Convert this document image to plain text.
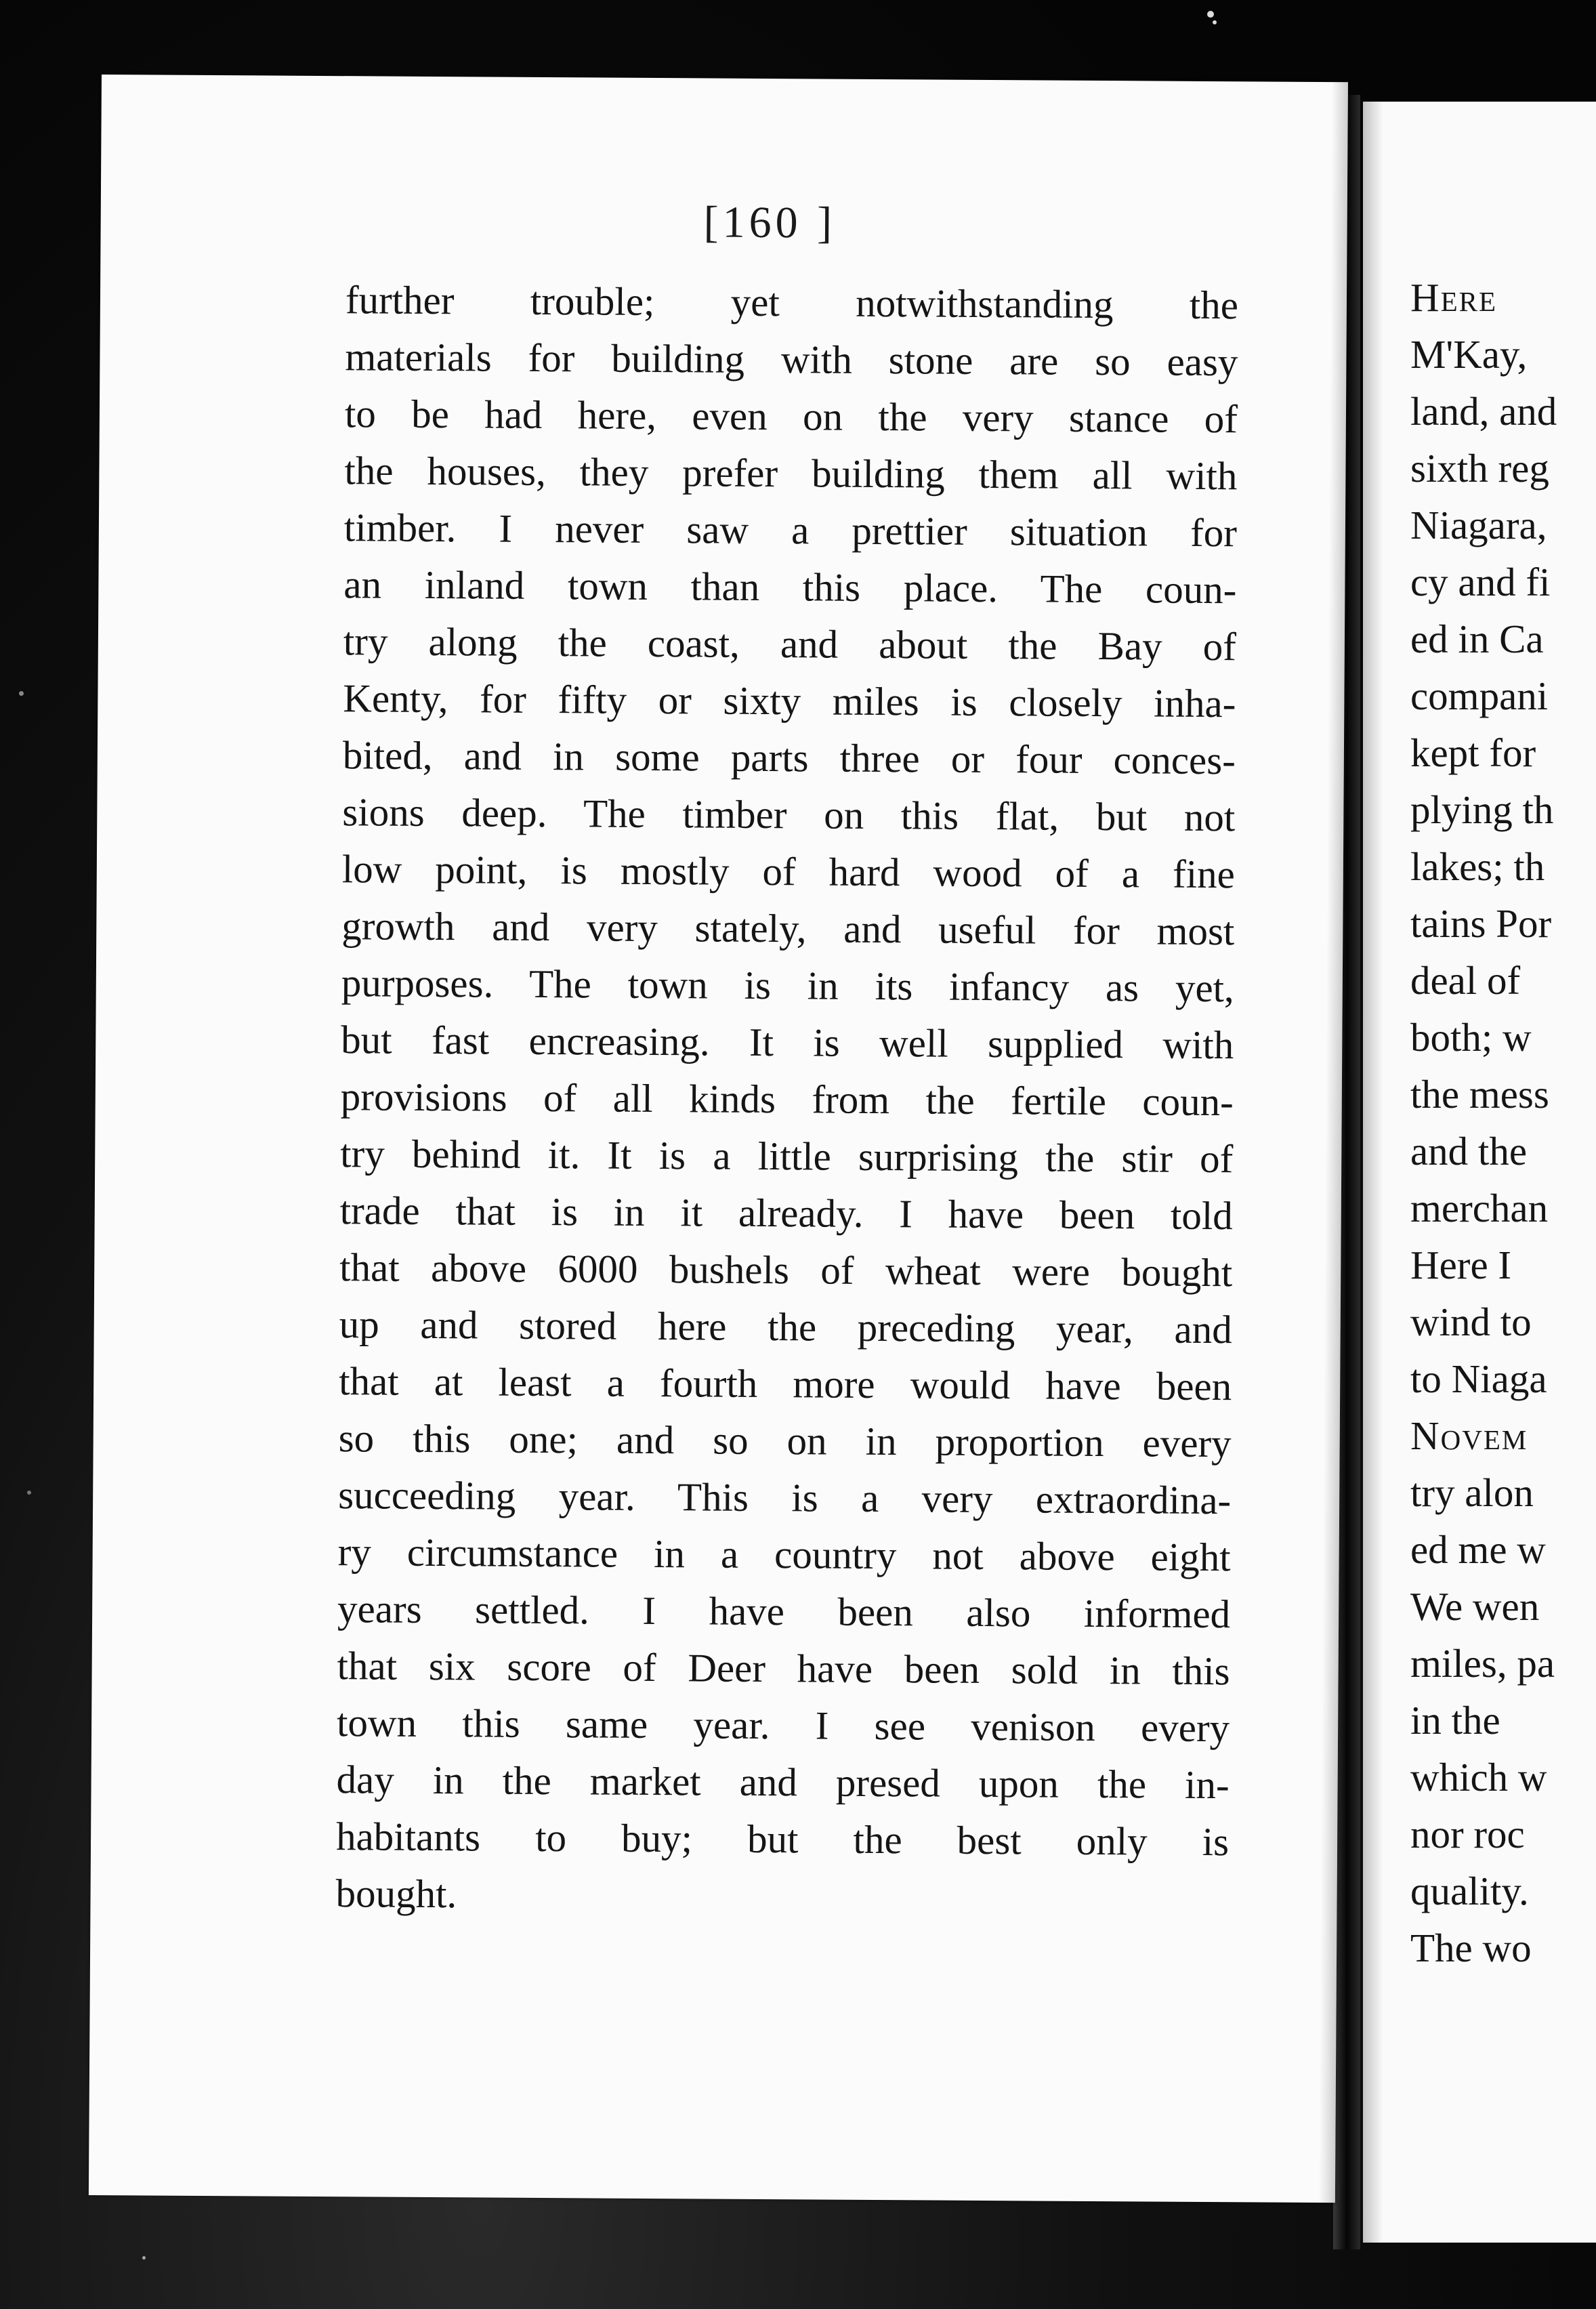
Here
M'Kay,
land, and
sixth reg
Niagara,
cy and fi
ed in Ca
compani
kept for
plying th
lakes; th
tains Por
deal of
both; w
the mess
and the
merchan
Here I
wind to
to Niaga
Novem
try alon
ed me w
We wen
miles, pa
in the
which w
nor roc
quality.
The wo
[160 ]
further trouble; yet notwithstanding the
materials for building with stone are so easy
to be had here, even on the very stance of
the houses, they prefer building them all with
timber. I never saw a prettier situation for
an inland town than this place. The coun-
try along the coast, and about the Bay of
Kenty, for fifty or sixty miles is closely inha-
bited, and in some parts three or four conces-
sions deep. The timber on this flat, but not
low point, is mostly of hard wood of a fine
growth and very stately, and useful for most
purposes. The town is in its infancy as yet,
but fast encreasing. It is well supplied with
provisions of all kinds from the fertile coun-
try behind it. It is a little surprising the stir of
trade that is in it already. I have been told
that above 6000 bushels of wheat were bought
up and stored here the preceding year, and
that at least a fourth more would have been
so this one; and so on in proportion every
succeeding year. This is a very extraordina-
ry circumstance in a country not above eight
years settled. I have been also informed
that six score of Deer have been sold in this
town this same year. I see venison every
day in the market and presed upon the in-
habitants to buy; but the best only is
bought.
